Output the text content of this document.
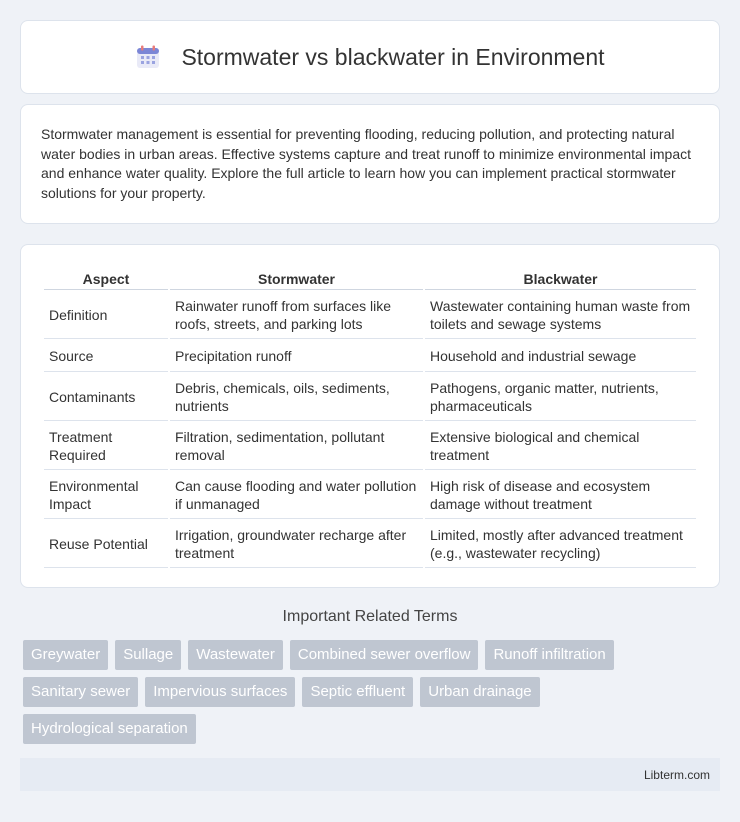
Stormwater vs blackwater in Environment

Stormwater management is essential for preventing flooding, reducing pollution, and protecting natural water bodies in urban areas. Effective systems capture and treat runoff to minimize environmental impact and enhance water quality. Explore the full article to learn how you can implement practical stormwater solutions for your property.

Aspect	Stormwater	Blackwater
Definition	Rainwater runoff from surfaces like roofs, streets, and parking lots	Wastewater containing human waste from toilets and sewage systems
Source	Precipitation runoff	Household and industrial sewage
Contaminants	Debris, chemicals, oils, sediments, nutrients	Pathogens, organic matter, nutrients, pharmaceuticals
Treatment Required	Filtration, sedimentation, pollutant removal	Extensive biological and chemical treatment
Environmental Impact	Can cause flooding and water pollution if unmanaged	High risk of disease and ecosystem damage without treatment
Reuse Potential	Irrigation, groundwater recharge after treatment	Limited, mostly after advanced treatment (e.g., wastewater recycling)
Important Related Terms
Greywater	Sullage	Wastewater	Combined sewer overflow	Runoff infiltration
Sanitary sewer	Impervious surfaces	Septic effluent	Urban drainage
Hydrological separation
Libterm.com
